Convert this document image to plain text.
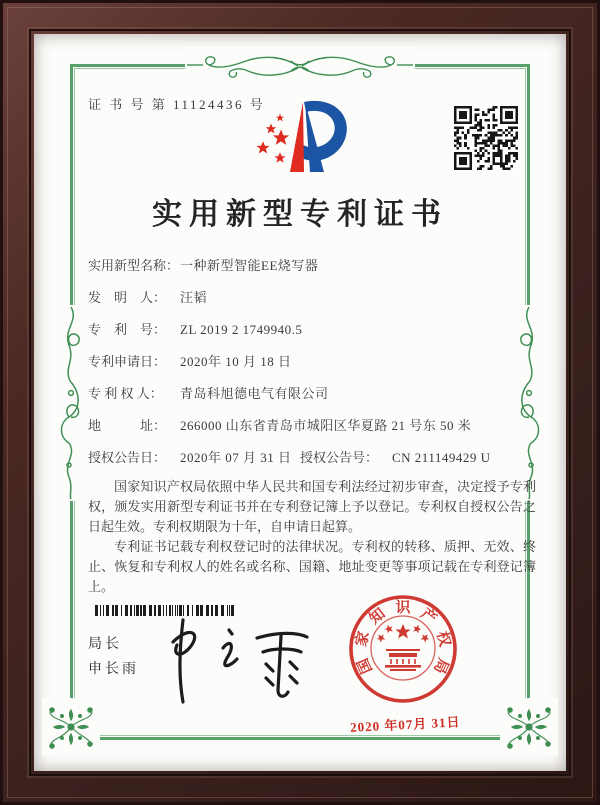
证 书 号 第 11124436 号
实用新型专利证书
实用新型名称：一种新型智能EE烧写器
发　明　人： 汪韬
专　利　号： ZL 2019 2 1749940.5
专利申请日： 2020年 10 月 18 日
专 利 权 人： 青岛科旭德电气有限公司
地　　　址： 266000 山东省青岛市城阳区华夏路 21 号东 50 米
授权公告日： 2020年 07 月 31 日 授权公告号： CN 211149429 U

国家知识产权局依照中华人民共和国专利法经过初步审查，决定授予专利权，颁发实用新型专利证书并在专利登记簿上予以登记。专利权自授权公告之日起生效。专利权期限为十年，自申请日起算。

专利证书记载专利权登记时的法律状况。专利权的转移、质押、无效、终止、恢复和专利权人的姓名或名称、国籍、地址变更等事项记载在专利登记簿上。

局长
申长雨	国
家
知 识 产
权
局
2020 年07月 31日
